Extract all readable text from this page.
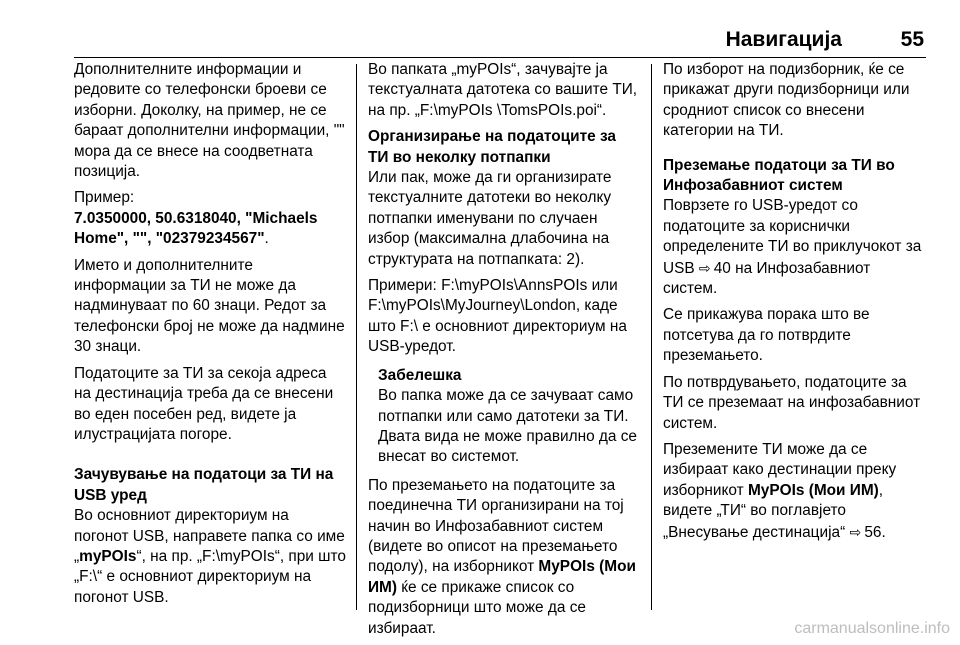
Навигација	55

Дополнителните информации и редовите со телефонски броеви се изборни. Доколку, на пример, не се бараат дополнителни информации, "" мора да се внесе на соодветната позиција.

Пример:
7.0350000, 50.6318040, "Michaels Home", "", "02379234567".

Името и дополнителните информации за ТИ не може да надминуваат по 60 знаци. Редот за телефонски број не може да надмине 30 знаци.

Податоците за ТИ за секоја адреса на дестинација треба да се внесени во еден посебен ред, видете ја илустрацијата погоре.

Зачувување на податоци за ТИ на USB уред

Во основниот директориум на погонот USB, направете папка со име „myPOIs“, на пр. „F:\myPOIs“, при што „F:\“ е основниот директориум на погонот USB.

Во папката „myPOIs“, зачувајте ја текстуалната датотека со вашите ТИ, на пр. „F:\myPOIs \TomsPOIs.poi“.

Организирање на податоците за ТИ во неколку потпапки

Или пак, може да ги организирате текстуалните датотеки во неколку потпапки именувани по случаен избор (максимална длабочина на структурата на потпапката: 2).

Примери: F:\myPOIs\AnnsPOIs или F:\myPOIs\MyJourney\London, каде што F:\ е основниот директориум на USB-уредот.

Забелешка

Во папка може да се зачуваат само потпапки или само датотеки за ТИ. Двата вида не може правилно да се внесат во системот.

По преземањето на податоците за поединечна ТИ организирани на тој начин во Инфозабавниот систем (видете во описот на преземањето подолу), на изборникот MyPOIs (Мои ИМ) ќе се прикаже список со подизборници што може да се избираат.

По изборот на подизборник, ќе се прикажат други подизборници или сродниот список со внесени категории на ТИ.

Преземање податоци за ТИ во Инфозабавниот систем

Поврзете го USB-уредот со податоците за кориснички определените ТИ во приклучокот за USB ⇨  40 на Инфозабавниот систем.

Се прикажува порака што ве потсетува да го потврдите преземањето.

По потврдувањето, податоците за ТИ се преземаат на инфозабавниот систем.

Преземените ТИ може да се избираат како дестинации преку изборникот MyPOIs (Мои ИМ), видете „ТИ“ во поглавјето „Внесување дестинација“ ⇨  56.

carmanualsonline.info
